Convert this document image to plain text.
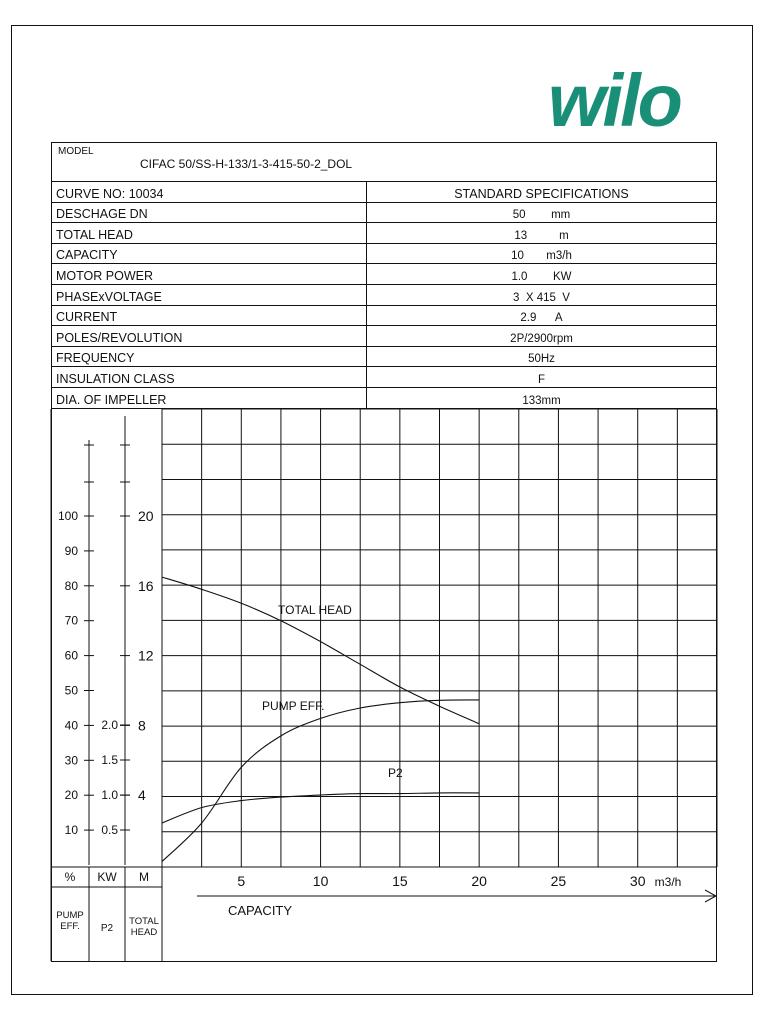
wilo
MODEL
CIFAC 50/SS-H-133/1-3-415-50-2_DOL
CURVE NO: 10034	STANDARD SPECIFICATIONS
DESCHAGE DN	50        mm
TOTAL HEAD	13          m
CAPACITY	10       m3/h
MOTOR POWER	1.0        KW
PHASExVOLTAGE	3  X 415  V
CURRENT	2.9      A
POLES/REVOLUTION	2P/2900rpm
FREQUENCY	50Hz
INSULATION CLASS	F
DIA. OF IMPELLER	133mm
10
20
30
40
50
60
70
80
90
100
0.5
1.0
1.5
2.0
4
8
12
16
20
% KW M
PUMP
EFF. P2
TOTAL
HEAD
5	10	15	20	25	30 m3/h
CAPACITY
TOTAL HEAD
PUMP EFF.
P2
